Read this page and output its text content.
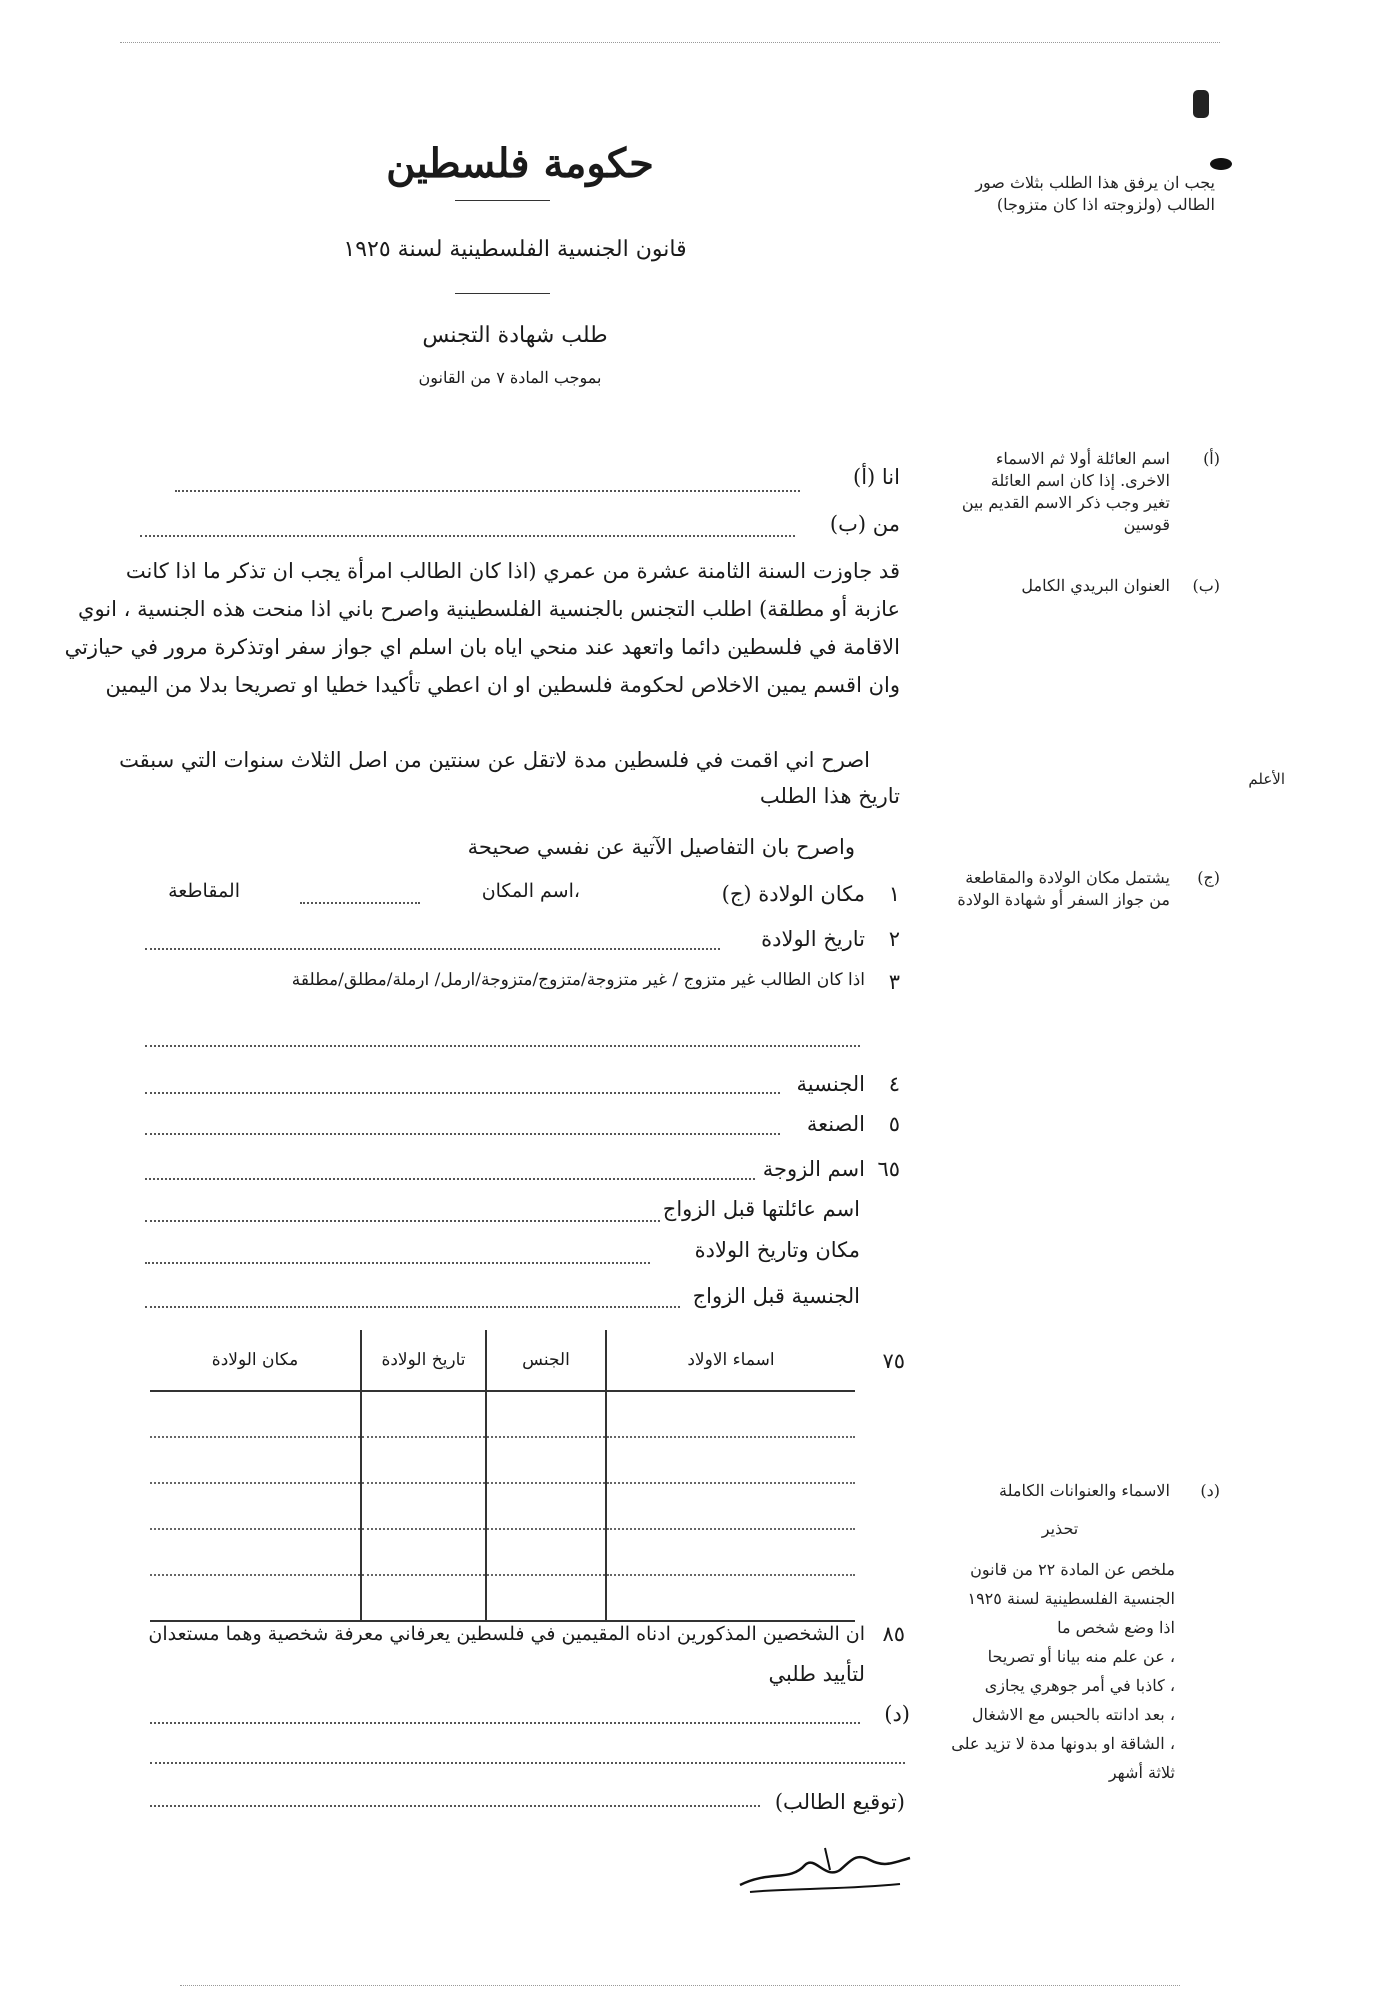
حكومة فلسطين
قانون الجنسية الفلسطينية لسنة ١٩٢٥
طلب شهادة التجنس
بموجب المادة ٧ من القانون
يجب ان يرفق هذا الطلب بثلاث صور الطالب (ولزوجته اذا كان متزوجا)
(أ)
اسم العائلة أولا ثم الاسماء الاخرى. إذا كان اسم العائلة تغير وجب ذكر الاسم القديم بين قوسين
(ب)
العنوان البريدي الكامل
الأعلم
(ج)
يشتمل مكان الولادة والمقاطعة من جواز السفر أو شهادة الولادة
(د)
الاسماء والعنوانات الكاملة
تحذير
ملخص عن المادة ٢٢ من قانون
الجنسية الفلسطينية لسنة ١٩٢٥
اذا وضع شخص ما
، عن علم منه بيانا أو تصريحا
، كاذبا في أمر جوهري يجازى
، بعد ادانته بالحبس مع الاشغال
، الشاقة او بدونها مدة لا تزيد على
ثلاثة أشهر
انا (أ)
من (ب)
قد جاوزت السنة الثامنة عشرة من عمري (اذا كان الطالب امرأة يجب ان تذكر ما اذا كانت
عازبة أو مطلقة) اطلب التجنس بالجنسية الفلسطينية واصرح باني اذا منحت هذه الجنسية ، انوي
الاقامة في فلسطين دائما واتعهد عند منحي اياه بان اسلم اي جواز سفر اوتذكرة مرور في حيازتي
وان اقسم يمين الاخلاص لحكومة فلسطين او ان اعطي تأكيدا خطيا او تصريحا بدلا من اليمين
اصرح اني اقمت في فلسطين مدة لاتقل عن سنتين من اصل الثلاث سنوات التي سبقت
تاريخ هذا الطلب
واصرح بان التفاصيل الآتية عن نفسي صحيحة
١
مكان الولادة (ج)
،اسم المكان
المقاطعة
٢
تاريخ الولادة
٣
اذا كان الطالب غير متزوج / غير متزوجة/متزوج/متزوجة/ارمل/ ارملة/مطلق/مطلقة
٤
الجنسية
٥
الصنعة
٦٥
اسم الزوجة
اسم عائلتها قبل الزواج
مكان وتاريخ الولادة
الجنسية قبل الزواج
٧٥
اسماء الاولاد	الجنس	تاريخ الولادة	مكان الولادة

٨٥
ان الشخصين المذكورين ادناه المقيمين في فلسطين يعرفاني معرفة شخصية وهما مستعدان
لتأييد طلبي
(د)
(توقيع الطالب)
